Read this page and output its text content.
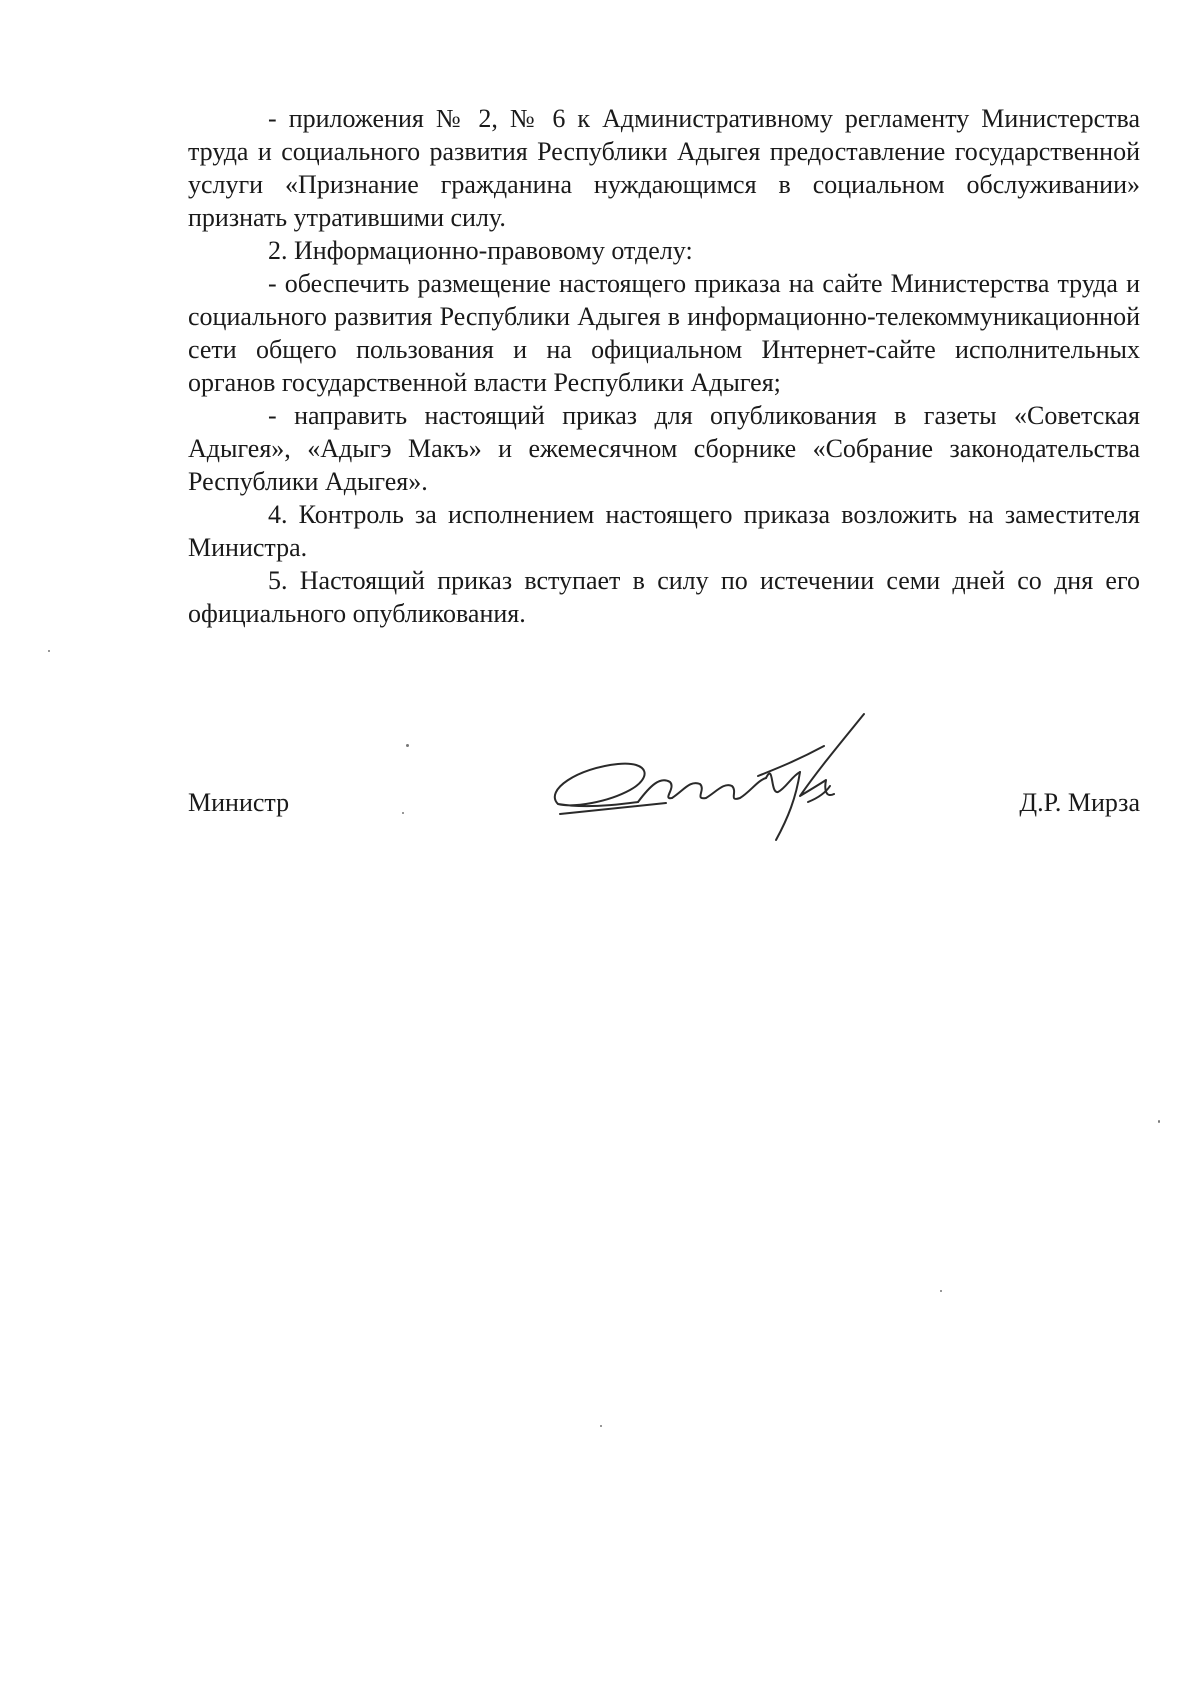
- приложения № 2, № 6 к Административному регламенту Министерства труда и социального развития Республики Адыгея предоставление государственной услуги «Признание гражданина нуждающимся в социальном обслуживании» признать утратившими силу.

2. Информационно-правовому отделу:

- обеспечить размещение настоящего приказа на сайте Министерства труда и социального развития Республики Адыгея в информационно-телекоммуникационной сети общего пользования и на официальном Интернет-сайте исполнительных органов государственной власти Республики Адыгея;

- направить настоящий приказ для опубликования в газеты «Советская Адыгея», «Адыгэ Макъ» и ежемесячном сборнике «Собрание законодательства Республики Адыгея».

4. Контроль за исполнением настоящего приказа возложить на заместителя Министра.

5. Настоящий приказ вступает в силу по истечении семи дней со дня его официального опубликования.

Министр	Д.Р. Мирза
